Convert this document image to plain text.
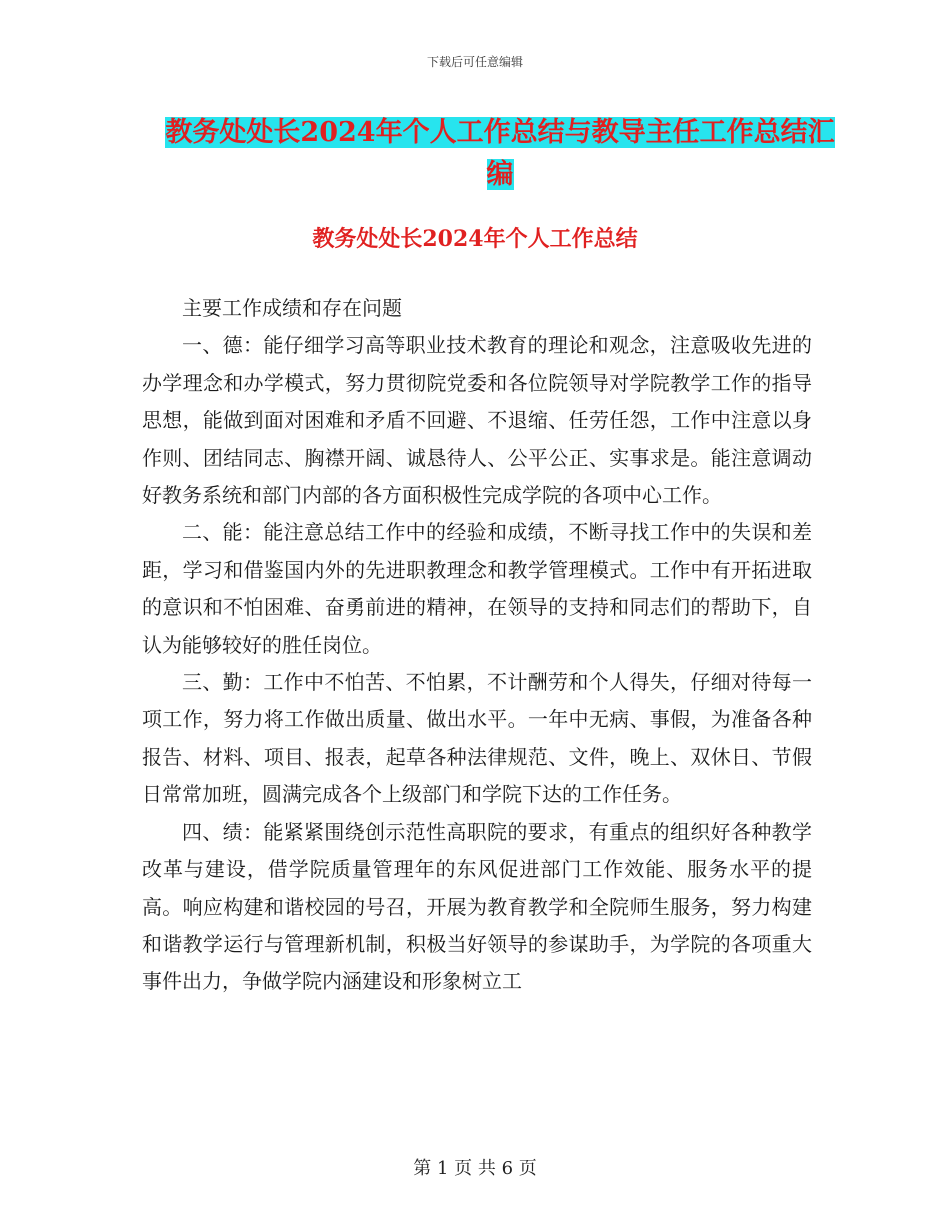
下载后可任意编辑
教务处处长2024年个人工作总结与教导主任工作总结汇编
教务处处长2024年个人工作总结

主要工作成绩和存在问题

一、德：能仔细学习高等职业技术教育的理论和观念，注意吸收先进的办学理念和办学模式，努力贯彻院党委和各位院领导对学院教学工作的指导思想，能做到面对困难和矛盾不回避、不退缩、任劳任怨，工作中注意以身作则、团结同志、胸襟开阔、诚恳待人、公平公正、实事求是。能注意调动好教务系统和部门内部的各方面积极性完成学院的各项中心工作。

二、能：能注意总结工作中的经验和成绩，不断寻找工作中的失误和差距，学习和借鉴国内外的先进职教理念和教学管理模式。工作中有开拓进取的意识和不怕困难、奋勇前进的精神，在领导的支持和同志们的帮助下，自认为能够较好的胜任岗位。

三、勤：工作中不怕苦、不怕累，不计酬劳和个人得失，仔细对待每一项工作，努力将工作做出质量、做出水平。一年中无病、事假，为准备各种报告、材料、项目、报表，起草各种法律规范、文件，晚上、双休日、节假日常常加班，圆满完成各个上级部门和学院下达的工作任务。

四、绩：能紧紧围绕创示范性高职院的要求，有重点的组织好各种教学改革与建设，借学院质量管理年的东风促进部门工作效能、服务水平的提高。响应构建和谐校园的号召，开展为教育教学和全院师生服务，努力构建和谐教学运行与管理新机制，积极当好领导的参谋助手，为学院的各项重大事件出力，争做学院内涵建设和形象树立工

第 1 页 共 6 页
